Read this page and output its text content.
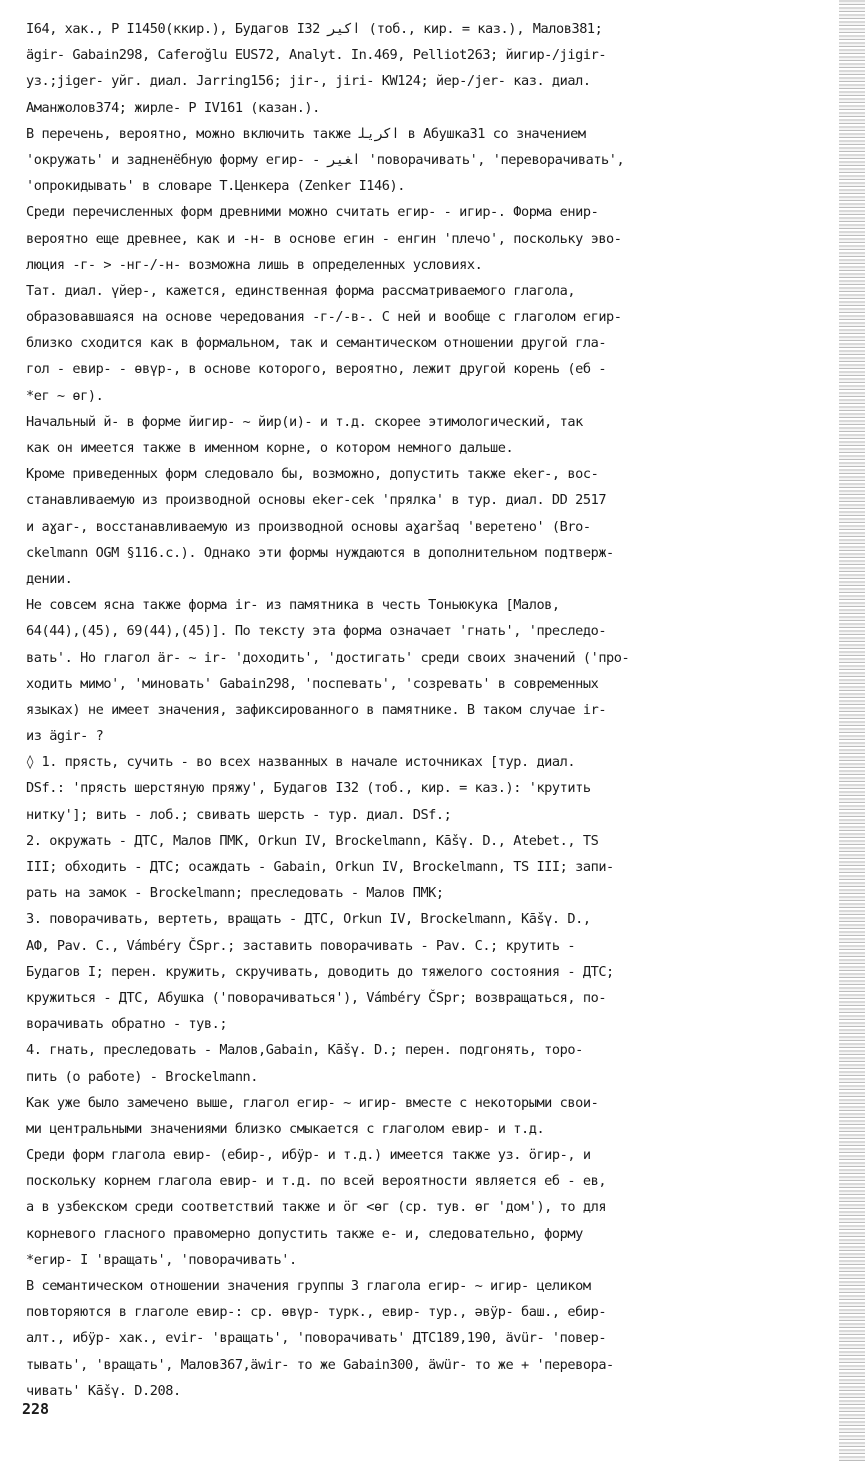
I64, хак., Р I1450(ккир.), Будагов I32 ﺍﮐﯿﺮ (тоб., кир. = каз.), Малов381;
ägir- Gabain298, Caferoğlu EUS72, Analyt. In.469, Pelliot263; йигир-/jigir-
уз.;jiger- уйг. диал. Jarring156; jir-, jiri- KW124; йер-/jer- каз. диал.
Аманжолов374; жирле- Р IV161 (казан.).
В перечень, вероятно, можно включить также ﺍﮐﺮﻳﻠ в Абушка31 со значением
'окружать' и задненёбную форму егир- - ﺍﻐﻴﺮ 'поворачивать', 'переворачивать',
'опрокидывать' в словаре Т.Ценкера (Zenker I146).
Среди перечисленных форм древними можно считать егир- - игир-. Форма енир-
вероятно еще древнее, как и -н- в основе егин - енгин 'плечо', поскольку эво-
люция -г- > -нг-/-н- возможна лишь в определенных условиях.
Тат. диал. үйер-, кажется, единственная форма рассматриваемого глагола,
образовавшаяся на основе чередования -г-/-в-. С ней и вообще с глаголом егир-
близко сходится как в формальном, так и семантическом отношении другой гла-
гол - евир- - өвүр-, в основе которого, вероятно, лежит другой корень (еб -
*ег ~ өг).
Начальный й- в форме йигир- ~ йир(и)- и т.д. скорее этимологический, так
как он имеется также в именном корне, о котором немного дальше.
Кроме приведенных форм следовало бы, возможно, допустить также eker-, вос-
станавливаемую из производной основы eker-cek 'прялка' в тур. диал. DD 2517
и aɣar-, восстанавливаемую из производной основы aɣaršaq 'веретено' (Bro-
ckelmann OGM §116.c.). Однако эти формы нуждаются в дополнительном подтверж-
дении.
Не совсем ясна также форма ir- из памятника в честь Тоньюкука [Малов,
64(44),(45), 69(44),(45)]. По тексту эта форма означает 'гнать', 'преследо-
вать'. Но глагол är- ~ ir- 'доходить', 'достигать' среди своих значений ('про-
ходить мимо', 'миновать' Gabain298, 'поспевать', 'созревать' в современных
языках) не имеет значения, зафиксированного в памятнике. В таком случае ir-
из ägir- ?
◊ 1. прясть, сучить - во всех названных в начале источниках [тур. диал.
DSf.: 'прясть шерстяную пряжу', Будагов I32 (тоб., кир. = каз.): 'крутить
нитку']; вить - лоб.; свивать шерсть - тур. диал. DSf.;
2. окружать - ДТС, Малов ПМК, Orkun IV, Brockelmann, Kāšγ. D., Atebet., TS
III; обходить - ДТС; осаждать - Gabain, Orkun IV, Brockelmann, TS III; запи-
рать на замок - Brockelmann; преследовать - Малов ПМК;
3. поворачивать, вертеть, вращать - ДТС, Orkun IV, Brockelmann, Kāšγ. D.,
АФ, Pav. C., Vámbéry ČSpr.; заставить поворачивать - Pav. C.; крутить -
Будагов I; перен. кружить, скручивать, доводить до тяжелого состояния - ДТС;
кружиться - ДТС, Абушка ('поворачиваться'), Vámbéry ČSpr; возвращаться, по-
ворачивать обратно - тув.;
4. гнать, преследовать - Малов,Gabain, Kāšγ. D.; перен. подгонять, торо-
пить (о работе) - Brockelmann.
Как уже было замечено выше, глагол егир- ~ игир- вместе с некоторыми свои-
ми центральными значениями близко смыкается с глаголом евир- и т.д.
Среди форм глагола евир- (ебир-, ибӱр- и т.д.) имеется также уз. ӧгир-, и
поскольку корнем глагола евир- и т.д. по всей вероятности является еб - ев,
а в узбекском среди соответствий также и ӧг <өг (ср. тув. өг 'дом'), то для
корневого гласного правомерно допустить также е- и, следовательно, форму
*егир- I 'вращать', 'поворачивать'.
В семантическом отношении значения группы 3 глагола егир- ~ игир- целиком
повторяются в глаголе евир-: ср. өвүр- турк., евир- тур., әвӱр- баш., ебир-
алт., ибӱр- хак., evir- 'вращать', 'поворачивать' ДТС189,190, ävür- 'повер-
тывать', 'вращать', Малов367,äwir- то же Gabain300, äwür- то же + 'перевора-
чивать' Kāšγ. D.208.
228
